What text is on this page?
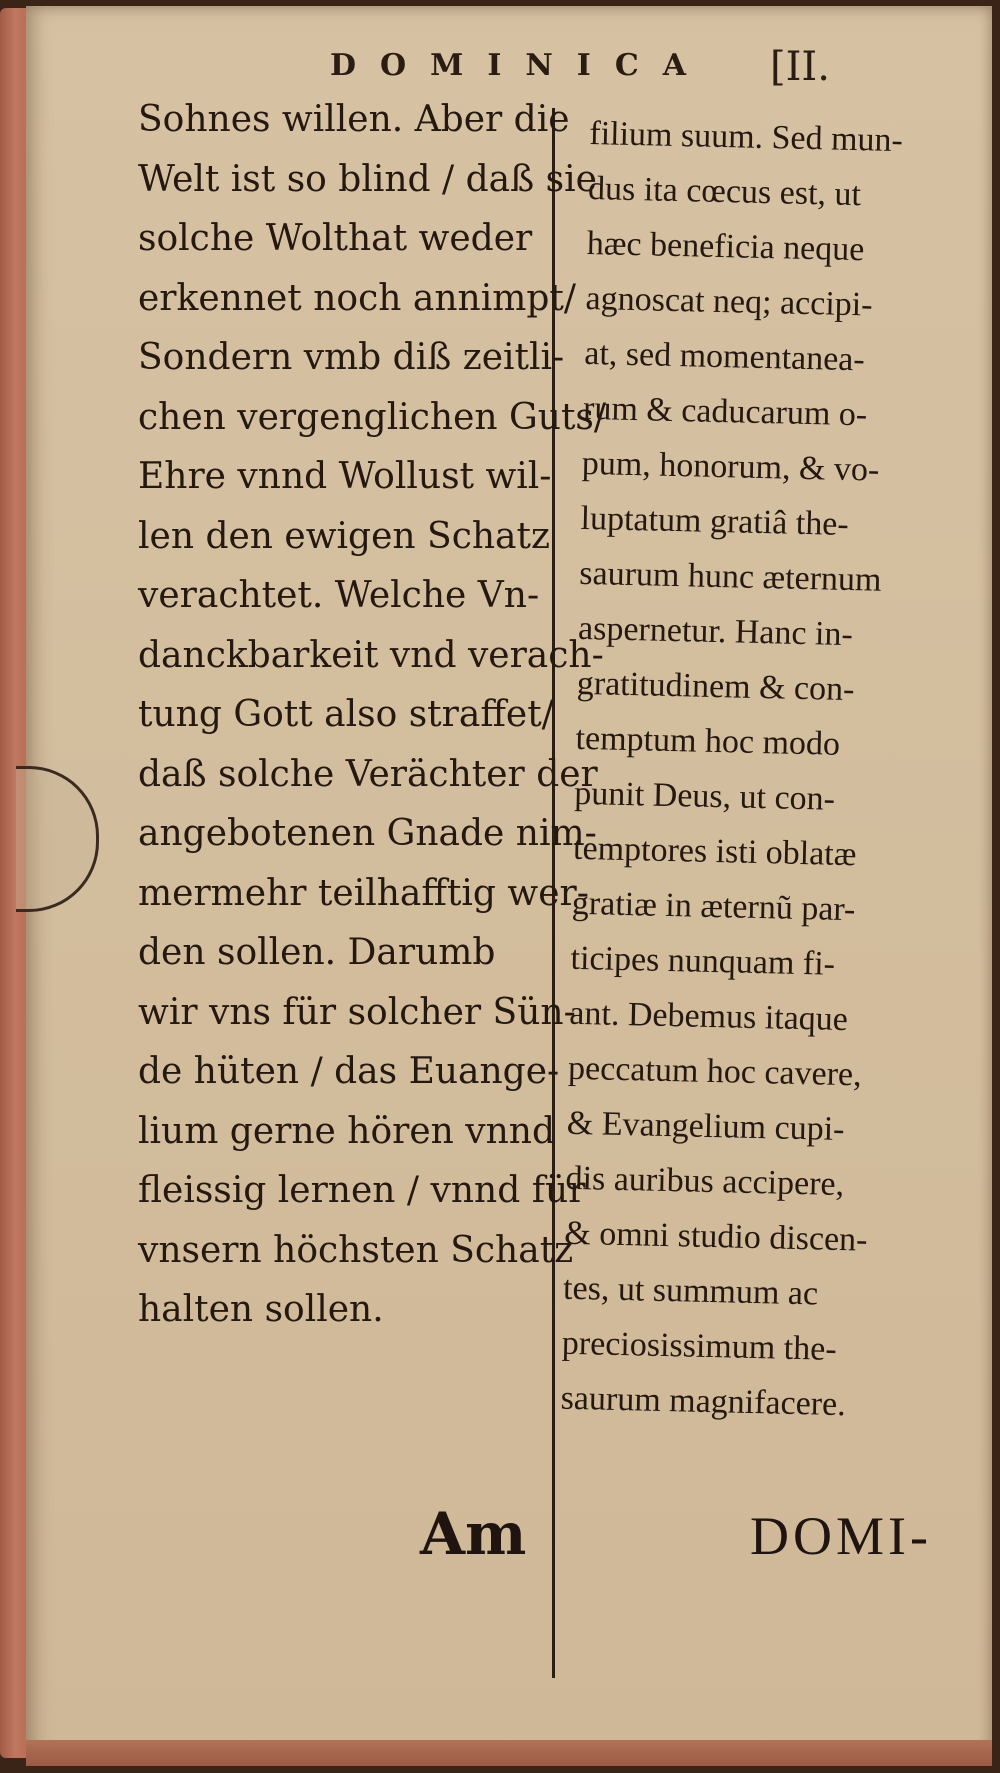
DOMINICA [II.
Sohnes willen. Aber die
Welt ist so blind / daß sie
solche Wolthat weder
erkennet noch annimpt/
Sondern vmb diß zeitli-
chen vergenglichen Guts/
Ehre vnnd Wollust wil-
len den ewigen Schatz
verachtet. Welche Vn-
danckbarkeit vnd verach-
tung Gott also straffet/
daß solche Verächter der
angebotenen Gnade nim-
mermehr teilhafftig wer-
den sollen. Darumb
wir vns für solcher Sün-
de hüten / das Euange-
lium gerne hören vnnd
fleissig lernen / vnnd für
vnsern höchsten Schatz
halten sollen.
filium suum. Sed mun-
dus ita cœcus est, ut
hæc beneficia neque
agnoscat neq; accipi-
at, sed momentanea-
rum & caducarum o-
pum, honorum, & vo-
luptatum gratiâ the-
saurum hunc æternum
aspernetur. Hanc in-
gratitudinem & con-
temptum hoc modo
punit Deus, ut con-
temptores isti oblatæ
gratiæ in æternũ par-
ticipes nunquam fi-
ant. Debemus itaque
peccatum hoc cavere,
& Evangelium cupi-
dis auribus accipere,
& omni studio discen-
tes, ut summum ac
preciosissimum the-
saurum magnifacere.
Am	DOMI-
